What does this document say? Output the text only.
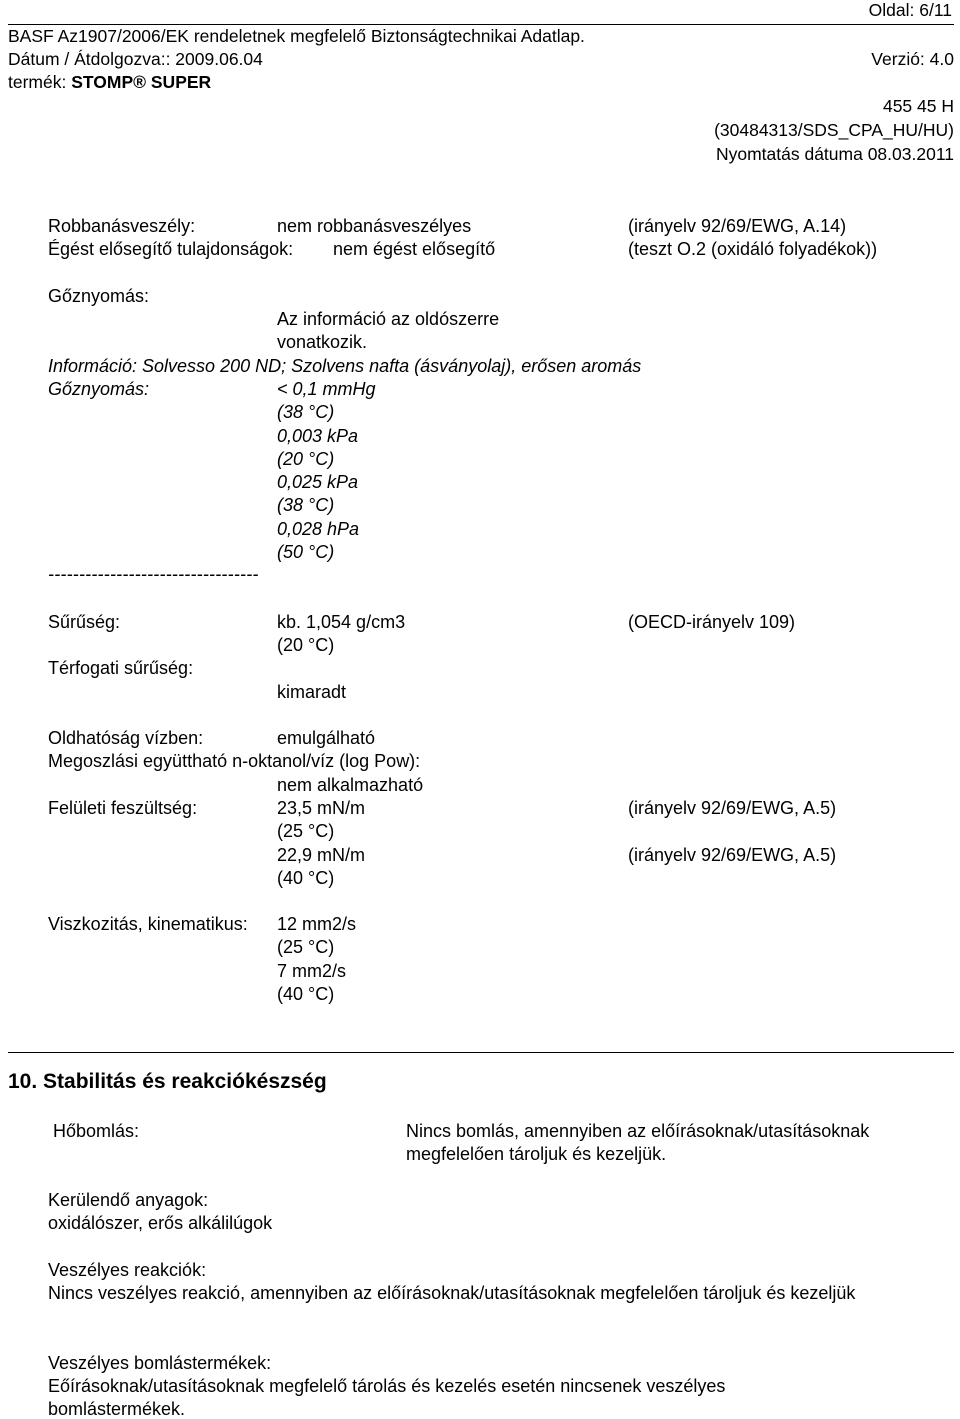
Oldal: 6/11
BASF Az1907/2006/EK rendeletnek megfelelő Biztonságtechnikai Adatlap.
Dátum / Átdolgozva:: 2009.06.04	Verzió: 4.0
termék: STOMP® SUPER
455 45 H
(30484313/SDS_CPA_HU/HU)
Nyomtatás dátuma 08.03.2011
Robbanásveszély:	nem robbanásveszélyes	(irányelv 92/69/EWG, A.14)
Égést elősegítő tulajdonságok: nem égést elősegítő	(teszt O.2 (oxidáló folyadékok))
Gőznyomás:
Az információ az oldószerre
vonatkozik.
Információ: Solvesso 200 ND; Szolvens nafta (ásványolaj), erősen aromás
Gőznyomás:	< 0,1 mmHg
(38 °C)
0,003 kPa
(20 °C)
0,025 kPa
(38 °C)
0,028 hPa
(50 °C)
----------------------------------
Sűrűség:	kb. 1,054 g/cm3	(OECD-irányelv 109)
(20 °C)
Térfogati sűrűség:
kimaradt
Oldhatóság vízben:	emulgálható
Megoszlási együttható n-oktanol/víz (log Pow):
nem alkalmazható
Felületi feszültség:	23,5 mN/m	(irányelv 92/69/EWG, A.5)
(25 °C)
22,9 mN/m	(irányelv 92/69/EWG, A.5)
(40 °C)
Viszkozitás, kinematikus: 12 mm2/s
(25 °C)
7 mm2/s
(40 °C)
10. Stabilitás és reakciókészség
Hőbomlás:	Nincs bomlás, amennyiben az előírásoknak/utasításoknak
megfelelően tároljuk és kezeljük.
Kerülendő anyagok:
oxidálószer, erős alkálilúgok
Veszélyes reakciók:
Nincs veszélyes reakció, amennyiben az előírásoknak/utasításoknak megfelelően tároljuk és kezeljük
Veszélyes bomlástermékek:
Eőírásoknak/utasításoknak megfelelő tárolás és kezelés esetén nincsenek veszélyes
bomlástermékek.
